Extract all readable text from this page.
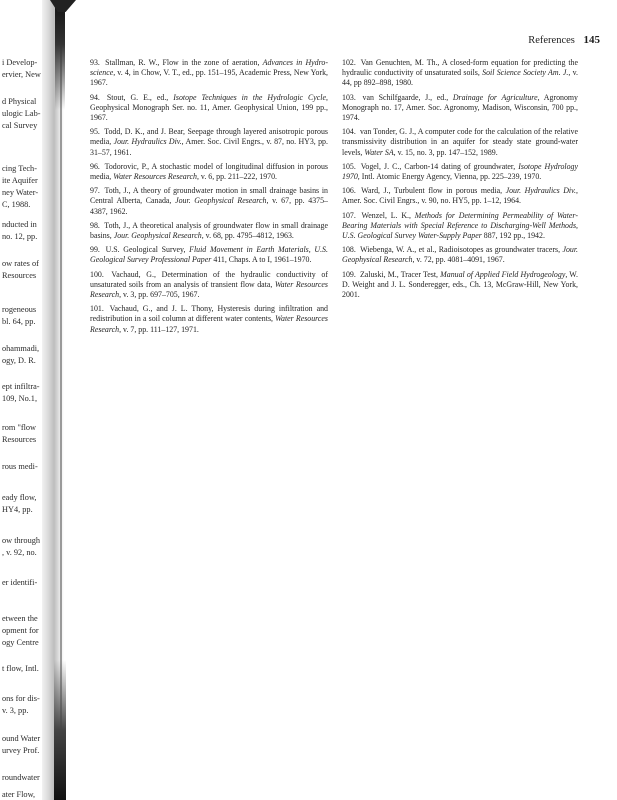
i Develop-
ervier, New
d Physical
ulogic Lab-
cal Survey
cing Tech-
ite Aquifer
ney Water-
C, 1988.
nducted in
no. 12, pp.
ow rates of
Resources
rogeneous
bl. 64, pp.
ohammadi,
ogy, D. R.
ept infiltra-
109, No.1,
rom "flow
Resources
rous medi-
eady flow,
HY4, pp.
ow through
, v. 92, no.
er identifi-
etween the
opment for
ogy Centre
t flow, Intl.
ons for dis-
v. 3, pp.
ound Water
urvey Prof.
roundwater
ater Flow,
References 145

93. Stallman, R. W., Flow in the zone of aeration, Advances in Hydro-science, v. 4, in Chow, V. T., ed., pp. 151–195, Academic Press, New York, 1967.

94. Stout, G. E., ed., Isotope Techniques in the Hydrologic Cycle, Geophysical Monograph Ser. no. 11, Amer. Geophysical Union, 199 pp., 1967.

95. Todd, D. K., and J. Bear, Seepage through layered anisotropic porous media, Jour. Hydraulics Div., Amer. Soc. Civil Engrs., v. 87, no. HY3, pp. 31–57, 1961.

96. Todorovic, P., A stochastic model of longitudinal diffusion in porous media, Water Resources Research, v. 6, pp. 211–222, 1970.

97. Toth, J., A theory of groundwater motion in small drainage basins in Central Alberta, Canada, Jour. Geophysical Research, v. 67, pp. 4375–4387, 1962.

98. Toth, J., A theoretical analysis of groundwater flow in small drainage basins, Jour. Geophysical Research, v. 68, pp. 4795–4812, 1963.

99. U.S. Geological Survey, Fluid Movement in Earth Materials, U.S. Geological Survey Professional Paper 411, Chaps. A to I, 1961–1970.

100. Vachaud, G., Determination of the hydraulic conductivity of unsaturated soils from an analysis of transient flow data, Water Resources Research, v. 3, pp. 697–705, 1967.

101. Vachaud, G., and J. L. Thony, Hysteresis during infiltration and redistribution in a soil column at different water contents, Water Resources Research, v. 7, pp. 111–127, 1971.

102. Van Genuchten, M. Th., A closed-form equation for predicting the hydraulic conductivity of unsaturated soils, Soil Science Society Am. J., v. 44, pp 892–898, 1980.

103. van Schilfgaarde, J., ed., Drainage for Agriculture, Agronomy Monograph no. 17, Amer. Soc. Agronomy, Madison, Wisconsin, 700 pp., 1974.

104. van Tonder, G. J., A computer code for the calculation of the relative transmissivity distribution in an aquifer for steady state ground-water levels, Water SA, v. 15, no. 3, pp. 147–152, 1989.

105. Vogel, J. C., Carbon-14 dating of groundwater, Isotope Hydrology 1970, Intl. Atomic Energy Agency, Vienna, pp. 225–239, 1970.

106. Ward, J., Turbulent flow in porous media, Jour. Hydraulics Div., Amer. Soc. Civil Engrs., v. 90, no. HY5, pp. 1–12, 1964.

107. Wenzel, L. K., Methods for Determining Permeability of Water-Bearing Materials with Special Reference to Discharging-Well Methods, U.S. Geological Survey Water-Supply Paper 887, 192 pp., 1942.

108. Wiebenga, W. A., et al., Radioisotopes as groundwater tracers, Jour. Geophysical Research, v. 72, pp. 4081–4091, 1967.

109. Zaluski, M., Tracer Test, Manual of Applied Field Hydrogeology, W. D. Weight and J. L. Sonderegger, eds., Ch. 13, McGraw-Hill, New York, 2001.
